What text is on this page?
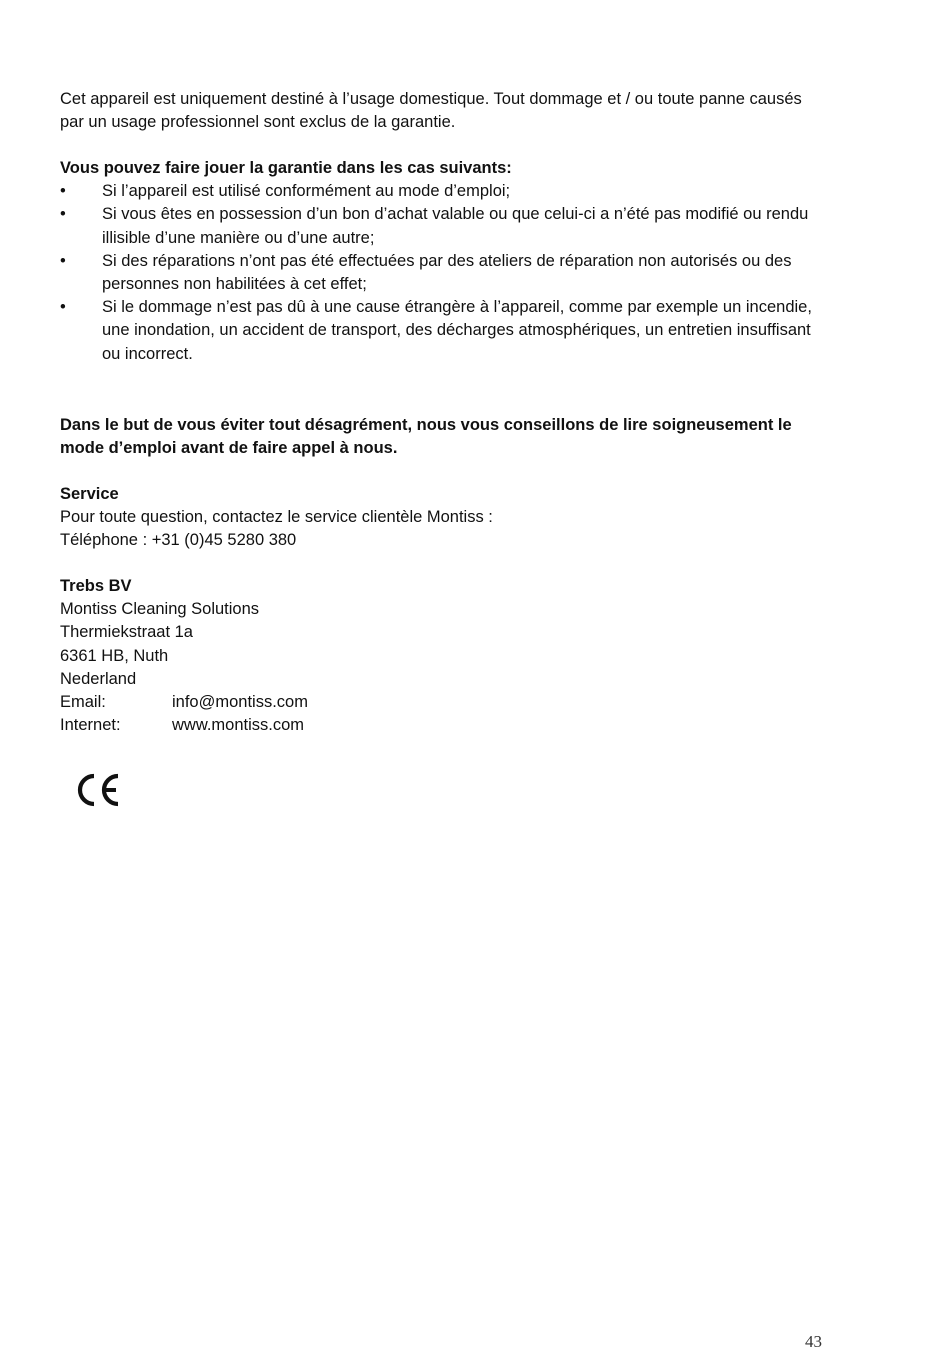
Cet appareil est uniquement destiné à l’usage domestique. Tout dommage et / ou toute panne causés par un usage professionnel sont exclus de la garantie.

Vous pouvez faire jouer la garantie dans les cas suivants:

•	Si l’appareil est utilisé conformément au mode d’emploi;
•	Si vous êtes en possession d’un bon d’achat valable ou que celui-ci a n’été pas modifié ou rendu illisible d’une manière ou d’une autre;
•	Si des réparations n’ont pas été effectuées par des ateliers de réparation non autorisés ou des personnes non habilitées à cet effet;
•	Si le dommage n’est pas dû à une cause étrangère à l’appareil, comme par exemple un incendie, une inondation, un accident de transport, des décharges atmosphériques, un entretien insuffisant ou incorrect.

Dans le but de vous éviter tout désagrément, nous vous conseillons de lire soigneusement le mode d’emploi avant de faire appel à nous.

Service

Pour toute question, contactez le service clientèle Montiss :

Téléphone : +31 (0)45 5280 380

Trebs BV

Montiss Cleaning Solutions

Thermiekstraat 1a

6361 HB, Nuth

Nederland

Email:	info@montiss.com
Internet:	www.montiss.com
43
